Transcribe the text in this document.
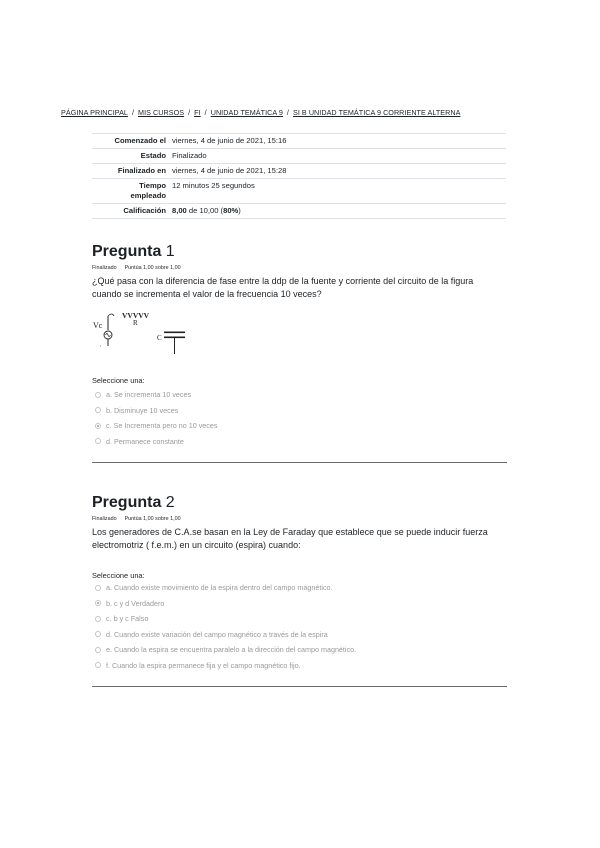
PÁGINA PRINCIPAL / MIS CURSOS / FI / UNIDAD TEMÁTICA 9 / SI B UNIDAD TEMÁTICA 9 CORRIENTE ALTERNA
Comenzado el	viernes, 4 de junio de 2021, 15:16
Estado	Finalizado
Finalizado en	viernes, 4 de junio de 2021, 15:28
Tiempo
empleado	12 minutos 25 segundos
Calificación	8,00 de 10,00 (80%)
Pregunta 1
Finalizado Puntúa 1,00 sobre 1,00
¿Qué pasa con la diferencia de fase entre la ddp de la fuente y corriente del circuito de la figura cuando se incrementa el valor de la frecuencia 10 veces?
Vc
,
VVVVV
R
C
Seleccione una:
a. Se incrementa 10 veces
b. Disminuye 10 veces
c. Se Incrementa pero no 10 veces
d. Permanece constante
Pregunta 2
Finalizado Puntúa 1,00 sobre 1,00
Los generadores de C.A.se basan en la Ley de Faraday que establece que se puede inducir fuerza electromotriz ( f.e.m.) en un circuito (espira) cuando:
Seleccione una:
a. Cuando existe movimiento de la espira dentro del campo magnético.
b. c y d Verdadero
c. b y c Falso
d. Cuando existe variación del campo magnético a través de la espira
e. Cuando la espira se encuentra paralelo a la dirección del campo magnético.
f. Cuando la espira permanece fija y el campo magnético fijo.
